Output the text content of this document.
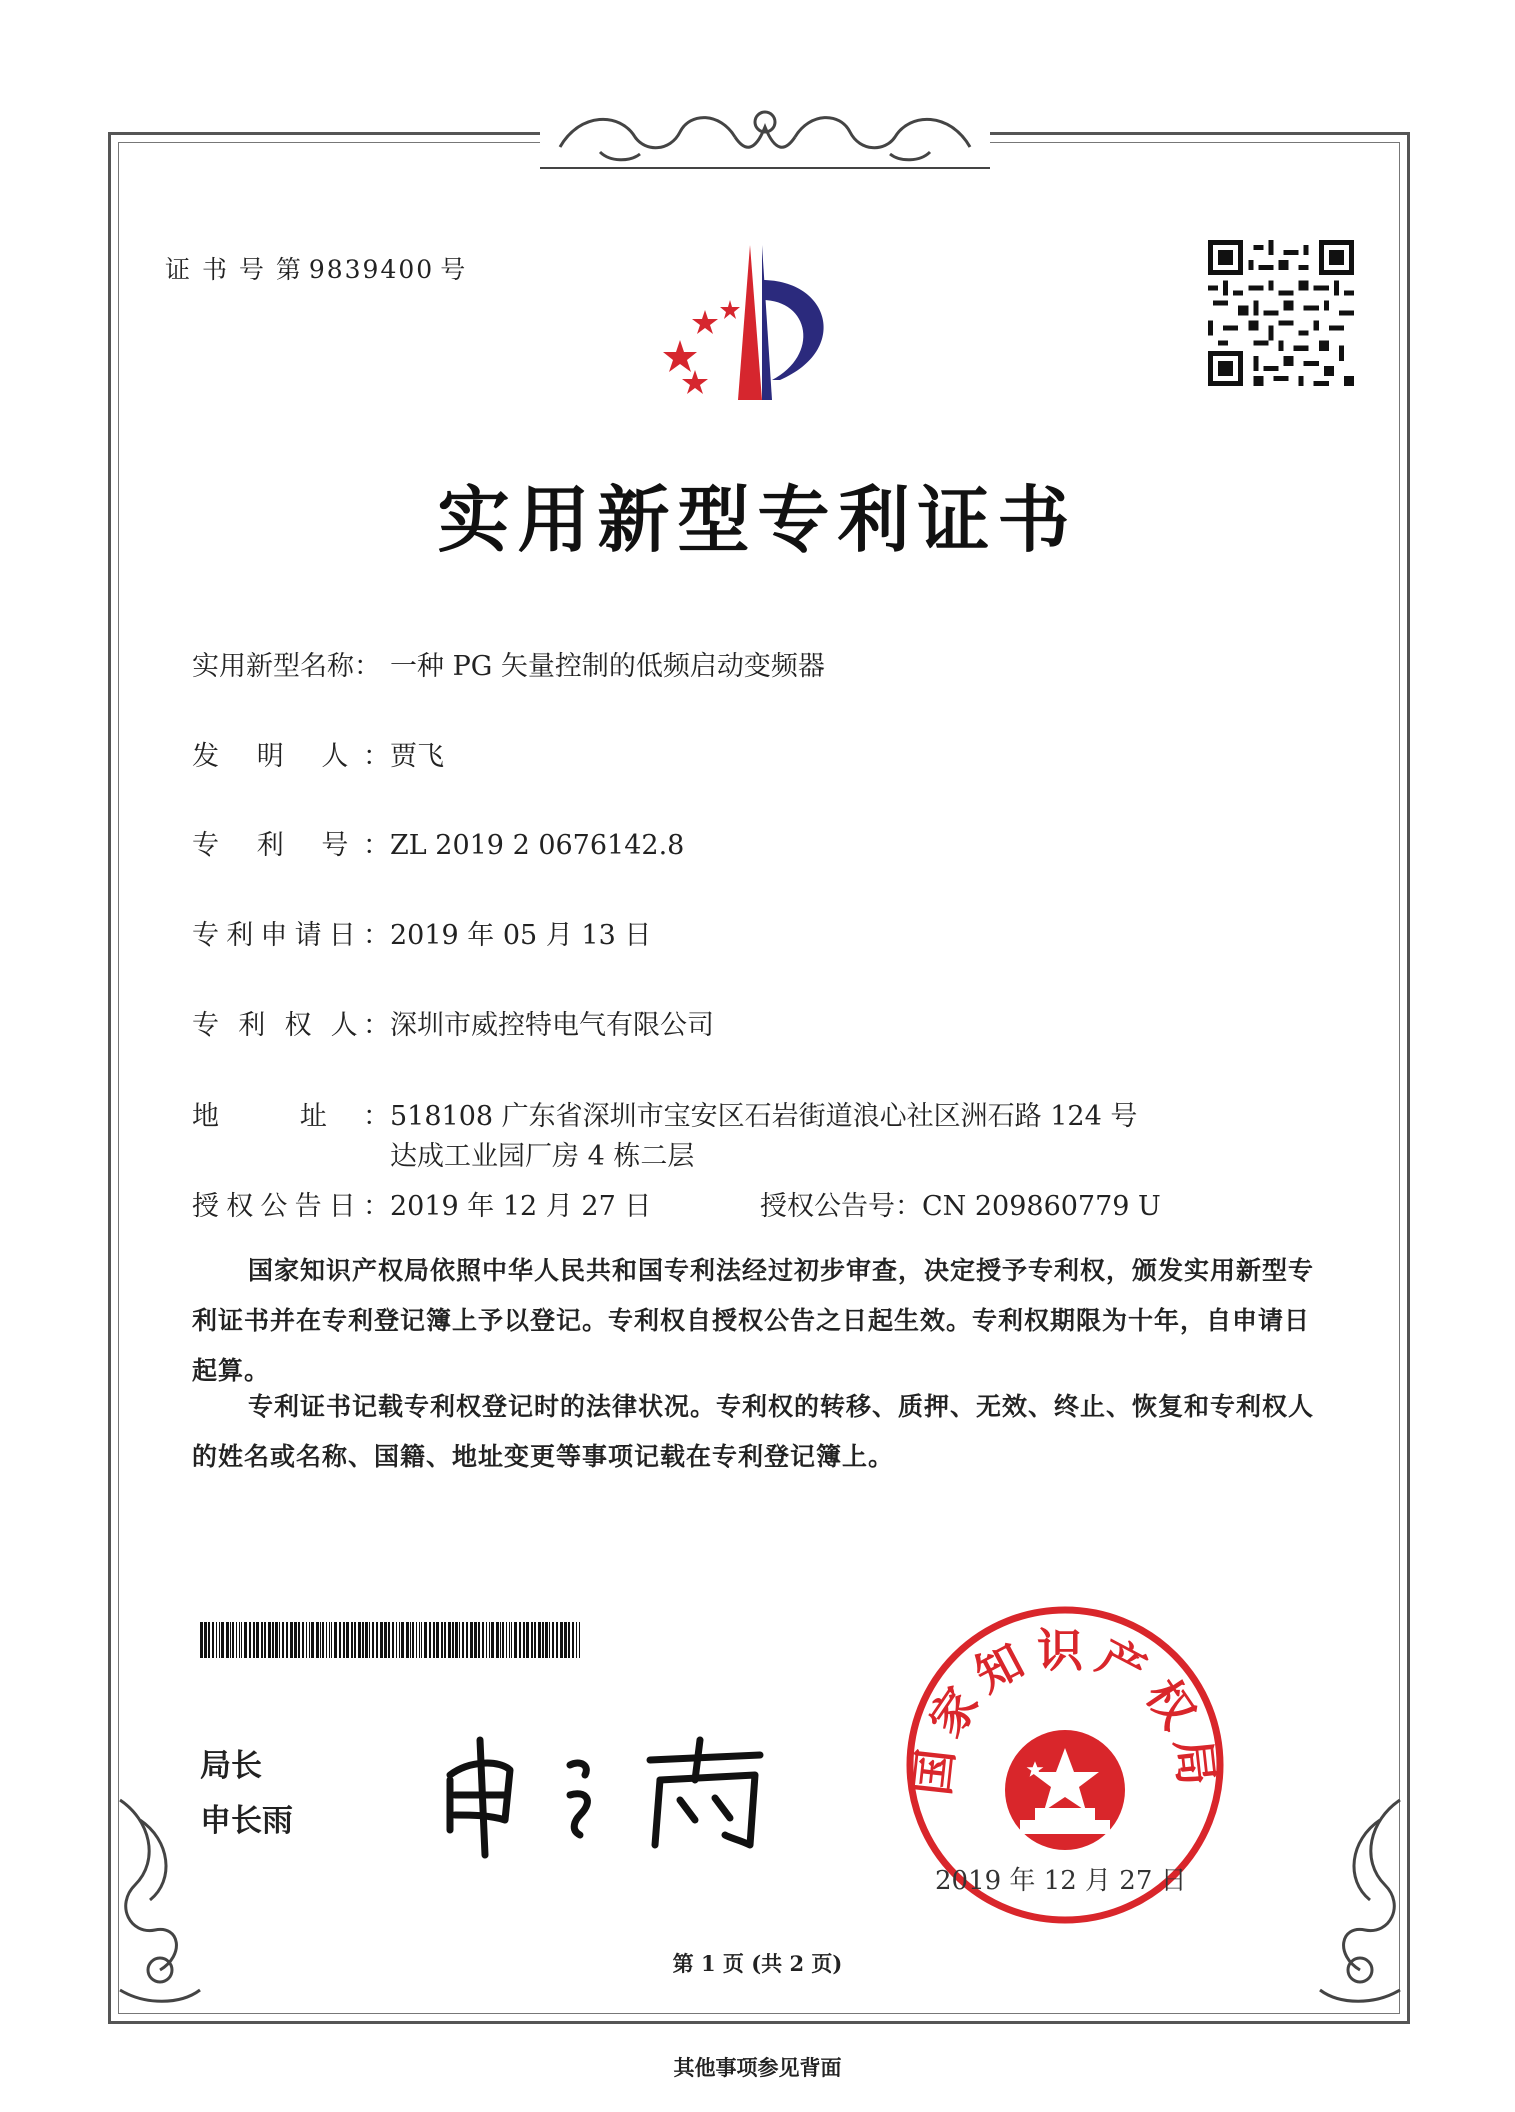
证 书 号 第 9839400 号
实用新型专利证书
实用新型名称： 一种 PG 矢量控制的低频启动变频器
发 明 人：贾飞
专 利 号：ZL 2019 2 0676142.8
专利申请日：2019 年 05 月 13 日
专 利 权 人：深圳市威控特电气有限公司
地 址：518108 广东省深圳市宝安区石岩街道浪心社区洲石路 124 号达成工业园厂房 4 栋二层
授权公告日：2019 年 12 月 27 日	授权公告号：CN 209860779 U
国家知识产权局依照中华人民共和国专利法经过初步审查，决定授予专利权，颁发实用新型专利证书并在专利登记簿上予以登记。专利权自授权公告之日起生效。专利权期限为十年，自申请日起算。
专利证书记载专利权登记时的法律状况。专利权的转移、质押、无效、终止、恢复和专利权人的姓名或名称、国籍、地址变更等事项记载在专利登记簿上。
局长
申长雨
国家知识产权局
2019 年 12 月 27 日
第 1 页 (共 2 页)
其他事项参见背面
